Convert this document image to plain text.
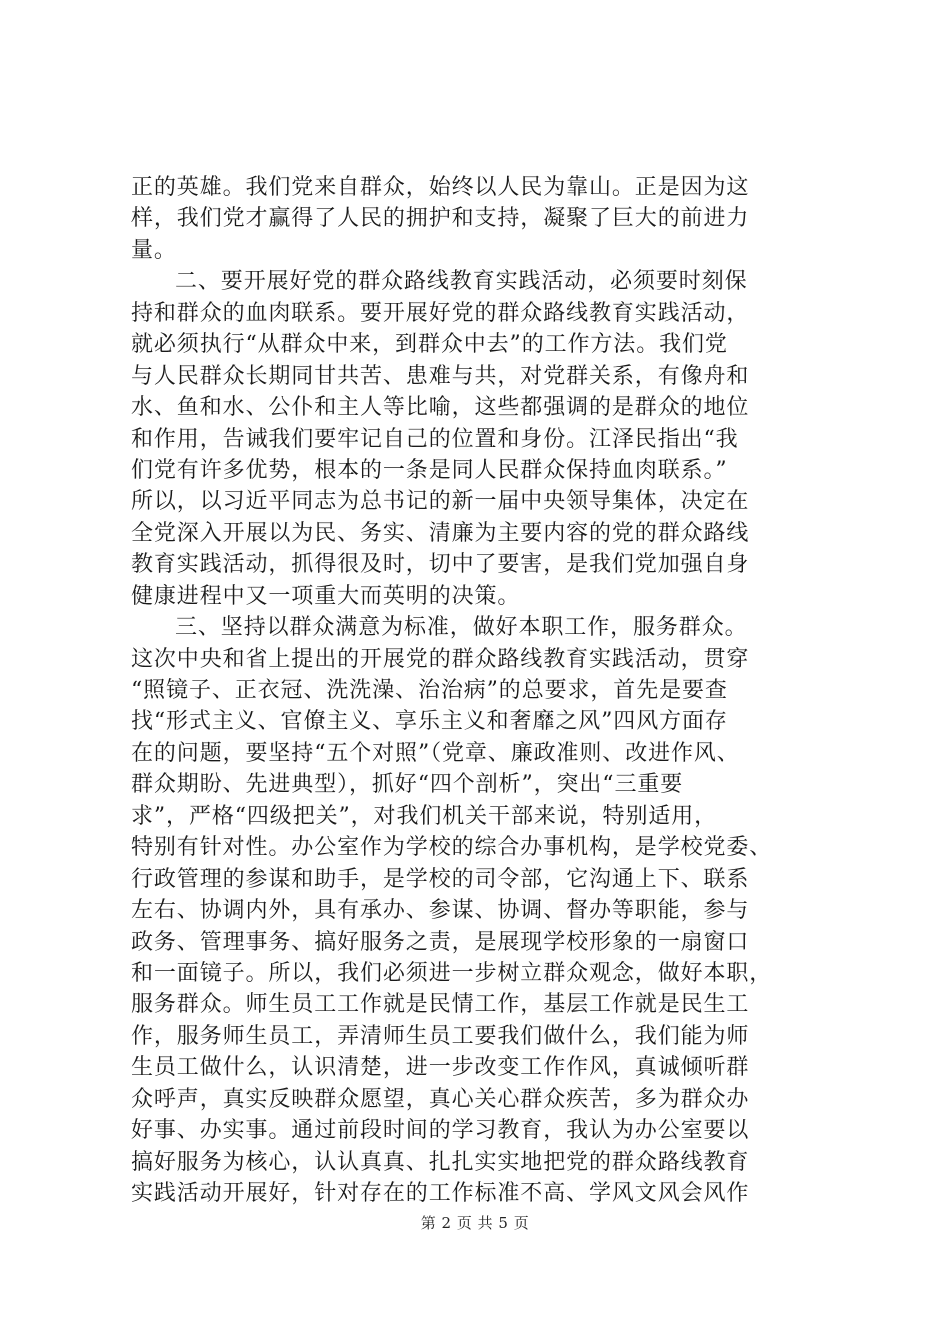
正的英雄。我们党来自群众，始终以人民为靠山。正是因为这
样，我们党才赢得了人民的拥护和支持，凝聚了巨大的前进力
量。
二、要开展好党的群众路线教育实践活动，必须要时刻保
持和群众的血肉联系。要开展好党的群众路线教育实践活动，
就必须执行“从群众中来，到群众中去”的工作方法。我们党
与人民群众长期同甘共苦、患难与共，对党群关系，有像舟和
水、鱼和水、公仆和主人等比喻，这些都强调的是群众的地位
和作用，告诫我们要牢记自己的位置和身份。江泽民指出“我
们党有许多优势，根本的一条是同人民群众保持血肉联系。”
所以，以习近平同志为总书记的新一届中央领导集体，决定在
全党深入开展以为民、务实、清廉为主要内容的党的群众路线
教育实践活动，抓得很及时，切中了要害，是我们党加强自身
健康进程中又一项重大而英明的决策。
三、坚持以群众满意为标准，做好本职工作，服务群众。
这次中央和省上提出的开展党的群众路线教育实践活动，贯穿
“照镜子、正衣冠、洗洗澡、治治病”的总要求，首先是要查
找“形式主义、官僚主义、享乐主义和奢靡之风”四风方面存
在的问题，要坚持“五个对照”（党章、廉政准则、改进作风、
群众期盼、先进典型），抓好“四个剖析”，突出“三重要
求”，严格“四级把关”，对我们机关干部来说，特别适用，
特别有针对性。办公室作为学校的综合办事机构，是学校党委、
行政管理的参谋和助手，是学校的司令部，它沟通上下、联系
左右、协调内外，具有承办、参谋、协调、督办等职能，参与
政务、管理事务、搞好服务之责，是展现学校形象的一扇窗口
和一面镜子。所以，我们必须进一步树立群众观念，做好本职，
服务群众。师生员工工作就是民情工作，基层工作就是民生工
作，服务师生员工，弄清师生员工要我们做什么，我们能为师
生员工做什么，认识清楚，进一步改变工作作风，真诚倾听群
众呼声，真实反映群众愿望，真心关心群众疾苦，多为群众办
好事、办实事。通过前段时间的学习教育，我认为办公室要以
搞好服务为核心，认认真真、扎扎实实地把党的群众路线教育
实践活动开展好，针对存在的工作标准不高、学风文风会风作
第 2 页 共 5 页
